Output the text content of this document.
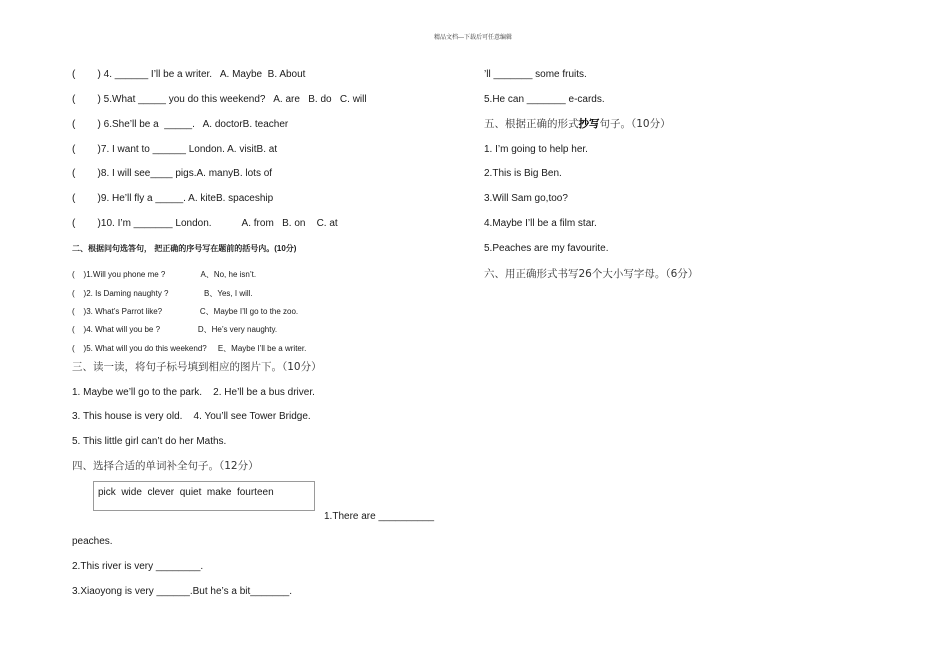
精品文档---下载后可任意编辑
(        ) 4. ______ I’ll be a writer.   A. Maybe  B. About
(        ) 5.What _____ you do this weekend?   A. are   B. do   C. will
(        ) 6.She’ll be a  _____.   A. doctorB. teacher
(        )7. I want to ______ London. A. visitB. at
(        )8. I will see____ pigs.A. manyB. lots of
(        )9. He’ll fly a _____. A. kiteB. spaceship
(        )10. I’m _______ London.           A. from   B. on    C. at
二、根据问句选答句， 把正确的序号写在题前的括号内。(10分)
(    )1.Will you phone me ?                A、No, he isn’t.
(    )2. Is Daming naughty ?                B、Yes, I will.
(    )3. What’s Parrot like?                 C、Maybe I’ll go to the zoo.
(    )4. What will you be ?                 D、He’s very naughty.
(    )5. What will you do this weekend?     E、Maybe I’ll be a writer.
三、读一读，将句子标号填到相应的图片下。（10分）
1. Maybe we’ll go to the park.    2. He’ll be a bus driver.
3. This house is very old.    4. You’ll see Tower Bridge.
5. This little girl can’t do her Maths.
四、选择合适的单词补全句子。（12分）
pick  wide  clever  quiet  make  fourteen
1.There are __________
peaches.
2.This river is very ________.
3.Xiaoyong is very ______.But he’s a bit_______.
’ll _______ some fruits.
5.He can _______ e-cards.
五、根据正确的形式抄写句子。（10分）
1. I’m going to help her.
2.This is Big Ben.
3.Will Sam go,too?
4.Maybe I’ll be a film star.
5.Peaches are my favourite.
六、用正确形式书写26个大小写字母。（6分）
